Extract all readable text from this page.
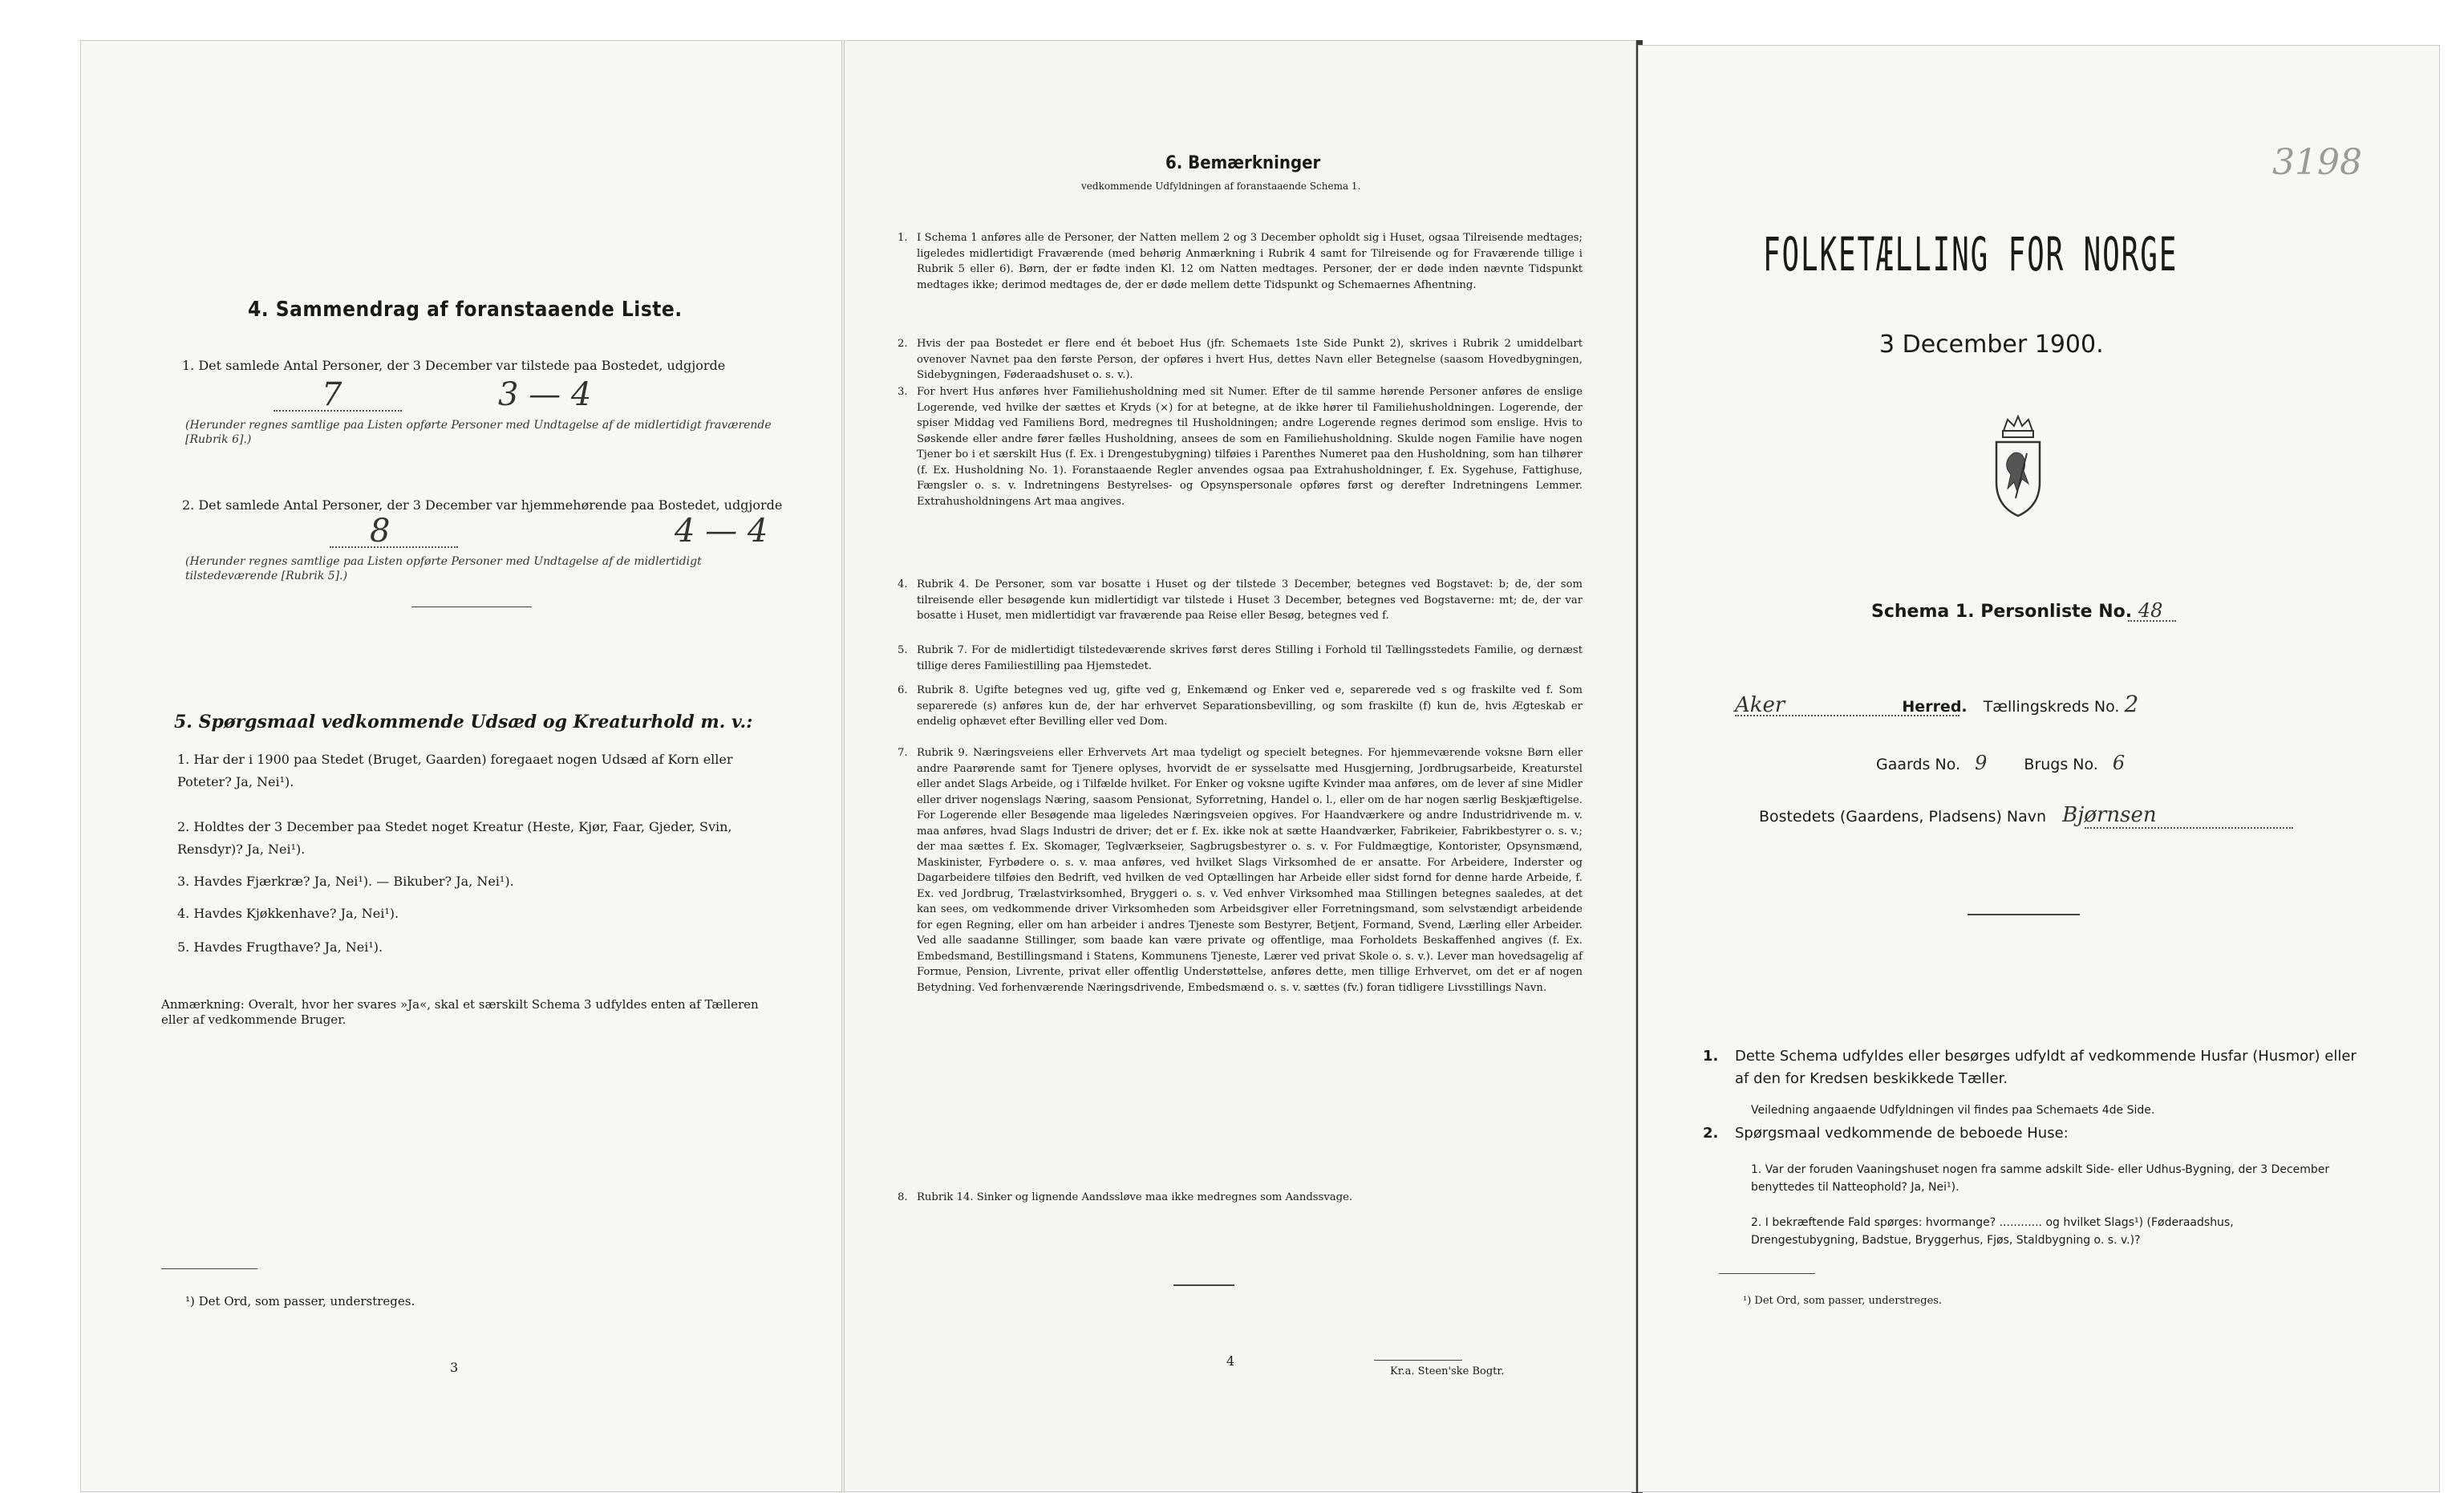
4. Sammendrag af foranstaaende Liste.
1. Det samlede Antal Personer, der 3 December var tilstede paa Bostedet, udgjorde
7	3 — 4
(Herunder regnes samtlige paa Listen opførte Personer med Undtagelse af de midlertidigt fraværende [Rubrik 6].)
2. Det samlede Antal Personer, der 3 December var hjemmehørende paa Bostedet, udgjorde
8	4 — 4
(Herunder regnes samtlige paa Listen opførte Personer med Undtagelse af de midlertidigt tilstedeværende [Rubrik 5].)
5. Spørgsmaal vedkommende Udsæd og Kreaturhold m. v.:
1. Har der i 1900 paa Stedet (Bruget, Gaarden) foregaaet nogen Udsæd af Korn eller Poteter? Ja, Nei¹).
2. Holdtes der 3 December paa Stedet noget Kreatur (Heste, Kjør, Faar, Gjeder, Svin, Rensdyr)? Ja, Nei¹).
3. Havdes Fjærkræ? Ja, Nei¹). — Bikuber? Ja, Nei¹).
4. Havdes Kjøkkenhave? Ja, Nei¹).
5. Havdes Frugthave? Ja, Nei¹).
Anmærkning: Overalt, hvor her svares »Ja«, skal et særskilt Schema 3 udfyldes enten af Tælleren eller af vedkommende Bruger.
¹) Det Ord, som passer, understreges.
3
6. Bemærkninger
vedkommende Udfyldningen af foranstaaende Schema 1.
1. I Schema 1 anføres alle de Personer, der Natten mellem 2 og 3 December opholdt sig i Huset, ogsaa Tilreisende medtages; ligeledes midlertidigt Fraværende (med behørig Anmærkning i Rubrik 4 samt for Tilreisende og for Fraværende tillige i Rubrik 5 eller 6). Børn, der er fødte inden Kl. 12 om Natten medtages. Personer, der er døde inden nævnte Tidspunkt medtages ikke; derimod medtages de, der er døde mellem dette Tidspunkt og Schemaernes Afhentning.
2. Hvis der paa Bostedet er flere end ét beboet Hus (jfr. Schemaets 1ste Side Punkt 2), skrives i Rubrik 2 umiddelbart ovenover Navnet paa den første Person, der opføres i hvert Hus, dettes Navn eller Betegnelse (saasom Hovedbygningen, Sidebygningen, Føderaadshuset o. s. v.).
3. For hvert Hus anføres hver Familiehusholdning med sit Numer. Efter de til samme hørende Personer anføres de enslige Logerende, ved hvilke der sættes et Kryds (×) for at betegne, at de ikke hører til Familiehusholdningen. Logerende, der spiser Middag ved Familiens Bord, medregnes til Husholdningen; andre Logerende regnes derimod som enslige. Hvis to Søskende eller andre fører fælles Husholdning, ansees de som en Familiehusholdning. Skulde nogen Familie have nogen Tjener bo i et særskilt Hus (f. Ex. i Drengestubygning) tilføies i Parenthes Numeret paa den Husholdning, som han tilhører (f. Ex. Husholdning No. 1). Foranstaaende Regler anvendes ogsaa paa Extrahusholdninger, f. Ex. Sygehuse, Fattighuse, Fængsler o. s. v. Indretningens Bestyrelses- og Opsynspersonale opføres først og derefter Indretningens Lemmer. Extrahusholdningens Art maa angives.
4. Rubrik 4. De Personer, som var bosatte i Huset og der tilstede 3 December, betegnes ved Bogstavet: b; de, der som tilreisende eller besøgende kun midlertidigt var tilstede i Huset 3 December, betegnes ved Bogstaverne: mt; de, der var bosatte i Huset, men midlertidigt var fraværende paa Reise eller Besøg, betegnes ved f.
5. Rubrik 7. For de midlertidigt tilstedeværende skrives først deres Stilling i Forhold til Tællingsstedets Familie, og dernæst tillige deres Familiestilling paa Hjemstedet.
6. Rubrik 8. Ugifte betegnes ved ug, gifte ved g, Enkemænd og Enker ved e, separerede ved s og fraskilte ved f. Som separerede (s) anføres kun de, der har erhvervet Separationsbevilling, og som fraskilte (f) kun de, hvis Ægteskab er endelig ophævet efter Bevilling eller ved Dom.
7. Rubrik 9. Næringsveiens eller Erhvervets Art maa tydeligt og specielt betegnes. For hjemmeværende voksne Børn eller andre Paarørende samt for Tjenere oplyses, hvorvidt de er sysselsatte med Husgjerning, Jordbrugsarbeide, Kreaturstel eller andet Slags Arbeide, og i Tilfælde hvilket. For Enker og voksne ugifte Kvinder maa anføres, om de lever af sine Midler eller driver nogenslags Næring, saasom Pensionat, Syforretning, Handel o. l., eller om de har nogen særlig Beskjæftigelse. For Logerende eller Besøgende maa ligeledes Næringsveien opgives. For Haandværkere og andre Industridrivende m. v. maa anføres, hvad Slags Industri de driver; det er f. Ex. ikke nok at sætte Haandværker, Fabrikeier, Fabrikbestyrer o. s. v.; der maa sættes f. Ex. Skomager, Teglværkseier, Sagbrugsbestyrer o. s. v. For Fuldmægtige, Kontorister, Opsynsmænd, Maskinister, Fyrbødere o. s. v. maa anføres, ved hvilket Slags Virksomhed de er ansatte. For Arbeidere, Inderster og Dagarbeidere tilføies den Bedrift, ved hvilken de ved Optællingen har Arbeide eller sidst fornd for denne harde Arbeide, f. Ex. ved Jordbrug, Trælastvirksomhed, Bryggeri o. s. v. Ved enhver Virksomhed maa Stillingen betegnes saaledes, at det kan sees, om vedkommende driver Virksomheden som Arbeidsgiver eller Forretningsmand, som selvstændigt arbeidende for egen Regning, eller om han arbeider i andres Tjeneste som Bestyrer, Betjent, Formand, Svend, Lærling eller Arbeider. Ved alle saadanne Stillinger, som baade kan være private og offentlige, maa Forholdets Beskaffenhed angives (f. Ex. Embedsmand, Bestillingsmand i Statens, Kommunens Tjeneste, Lærer ved privat Skole o. s. v.). Lever man hovedsagelig af Formue, Pension, Livrente, privat eller offentlig Understøttelse, anføres dette, men tillige Erhvervet, om det er af nogen Betydning. Ved forhenværende Næringsdrivende, Embedsmænd o. s. v. sættes (fv.) foran tidligere Livsstillings Navn.
8. Rubrik 14. Sinker og lignende Aandssløve maa ikke medregnes som Aandssvage.
4
Kr.a. Steen'ske Bogtr.
3198
FOLKETÆLLING FOR NORGE
3 December 1900.
Schema 1. Personliste No. 48
Aker	Herred. Tællingskreds No. 2
Gaards No. 9 Brugs No. 6
Bostedets (Gaardens, Pladsens) Navn Bjørnsen
1. Dette Schema udfyldes eller besørges udfyldt af vedkommende Husfar (Husmor) eller af den for Kredsen beskikkede Tæller.
Veiledning angaaende Udfyldningen vil findes paa Schemaets 4de Side.
2. Spørgsmaal vedkommende de beboede Huse:
1. Var der foruden Vaaningshuset nogen fra samme adskilt Side- eller Udhus-Bygning, der 3 December benyttedes til Natteophold? Ja, Nei¹).
2. I bekræftende Fald spørges: hvormange? ............ og hvilket Slags¹) (Føderaadshus, Drengestubygning, Badstue, Bryggerhus, Fjøs, Staldbygning o. s. v.)?
¹) Det Ord, som passer, understreges.
